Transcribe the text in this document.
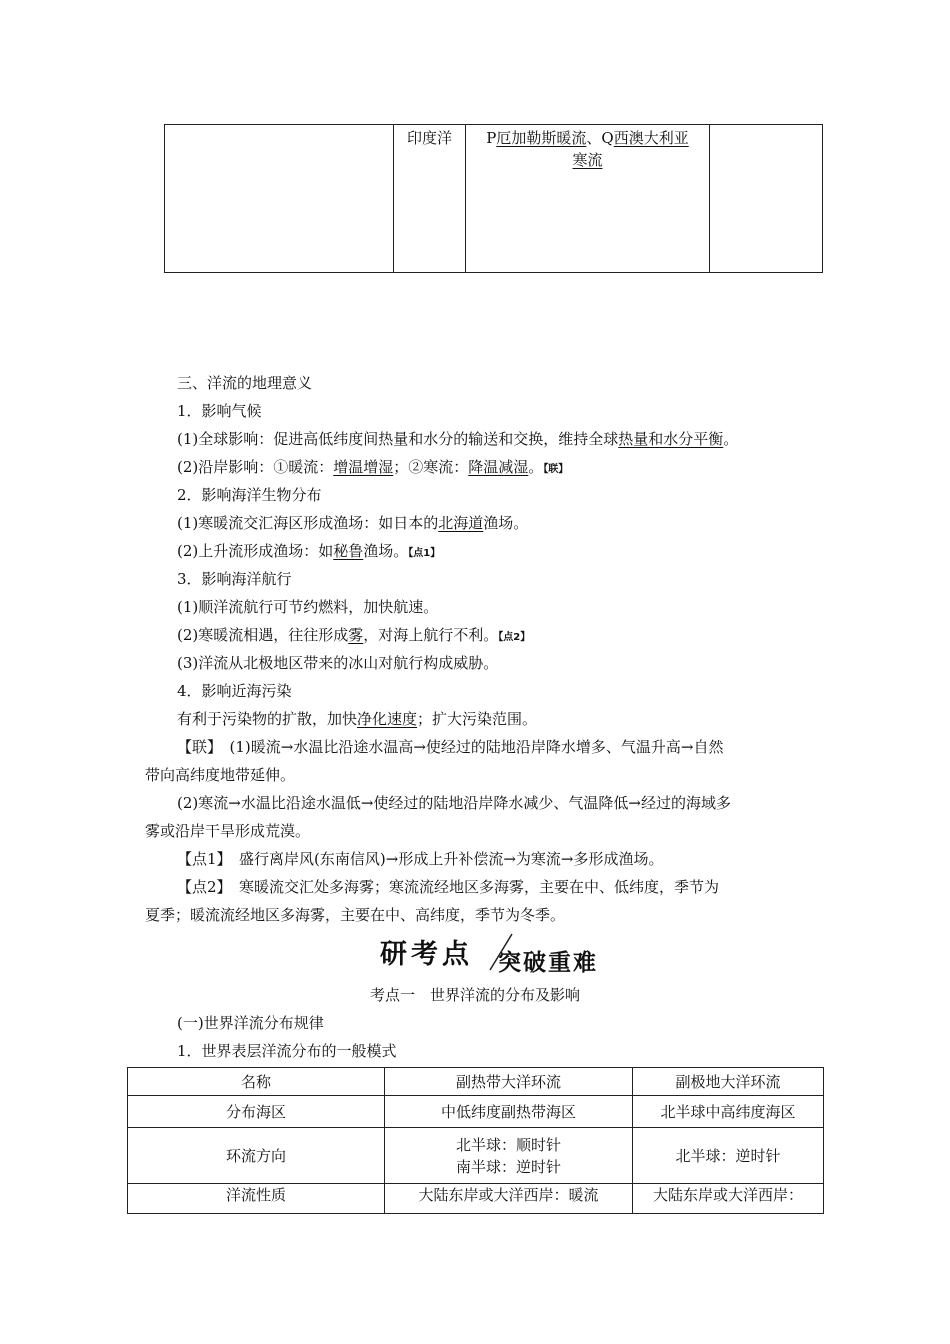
	印度洋	P厄加勒斯暖流、Q西澳大利亚
寒流	
三、洋流的地理意义
1．影响气候
(1)全球影响：促进高低纬度间热量和水分的输送和交换，维持全球热量和水分平衡。
(2)沿岸影响：①暖流：增温增湿；②寒流：降温减湿。【联】
2．影响海洋生物分布
(1)寒暖流交汇海区形成渔场：如日本的北海道渔场。
(2)上升流形成渔场：如秘鲁渔场。【点1】
3．影响海洋航行
(1)顺洋流航行可节约燃料，加快航速。
(2)寒暖流相遇，往往形成雾，对海上航行不利。【点2】
(3)洋流从北极地区带来的冰山对航行构成威胁。
4．影响近海污染
有利于污染物的扩散，加快净化速度；扩大污染范围。
【联】　(1)暖流→水温比沿途水温高→使经过的陆地沿岸降水增多、气温升高→自然
带向高纬度地带延伸。
(2)寒流→水温比沿途水温低→使经过的陆地沿岸降水减少、气温降低→经过的海域多
雾或沿岸干旱形成荒漠。
【点1】　盛行离岸风(东南信风)→形成上升补偿流→为寒流→多形成渔场。
【点2】　寒暖流交汇处多海雾；寒流流经地区多海雾，主要在中、低纬度，季节为
夏季；暖流流经地区多海雾，主要在中、高纬度，季节为冬季。
研考点 突破重难
考点一　世界洋流的分布及影响
(一)世界洋流分布规律
1．世界表层洋流分布的一般模式
名称	副热带大洋环流	副极地大洋环流
分布海区	中低纬度副热带海区	北半球中高纬度海区
环流方向	北半球：顺时针
南半球：逆时针	北半球：逆时针
洋流性质	大陆东岸或大洋西岸：暖流	大陆东岸或大洋西岸：
